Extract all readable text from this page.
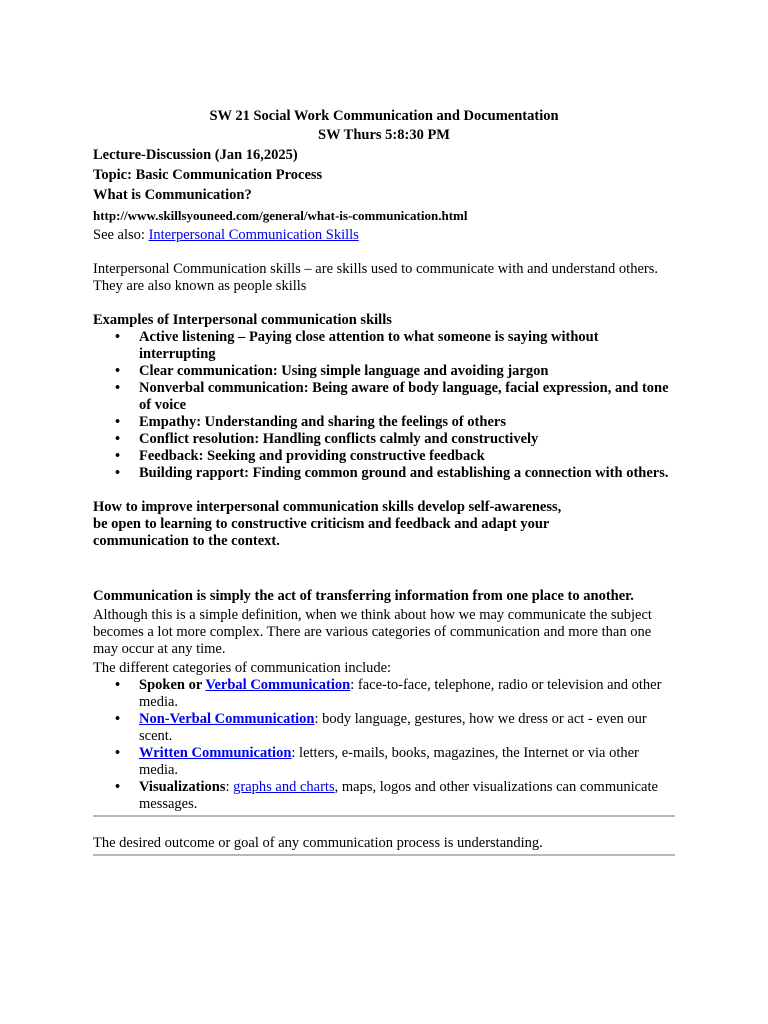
SW 21 Social Work Communication and Documentation

SW Thurs 5:8:30 PM

Lecture-Discussion (Jan 16,2025)

Topic: Basic Communication Process

What is Communication?

http://www.skillsyouneed.com/general/what-is-communication.html

See also: Interpersonal Communication Skills

Interpersonal Communication skills – are skills used to communicate with and understand others.

They are also known as people skills

Examples of Interpersonal communication skills

• Active listening – Paying close attention to what someone is saying without interrupting
• Clear communication: Using simple language and avoiding jargon
• Nonverbal communication: Being aware of body language, facial expression, and tone of voice
• Empathy: Understanding and sharing the feelings of others
• Conflict resolution: Handling conflicts calmly and constructively
• Feedback: Seeking and providing constructive feedback
• Building rapport: Finding common ground and establishing a connection with others.

How to improve interpersonal communication skills develop self-awareness,

be open to learning to constructive criticism and feedback and adapt your

communication to the context.

Communication is simply the act of transferring information from one place to another.

Although this is a simple definition, when we think about how we may communicate the subject becomes a lot more complex. There are various categories of communication and more than one may occur at any time.

The different categories of communication include:

• Spoken or Verbal Communication: face-to-face, telephone, radio or television and other media.
• Non-Verbal Communication: body language, gestures, how we dress or act - even our scent.
• Written Communication: letters, e-mails, books, magazines, the Internet or via other media.
• Visualizations: graphs and charts, maps, logos and other visualizations can communicate messages.

The desired outcome or goal of any communication process is understanding.
